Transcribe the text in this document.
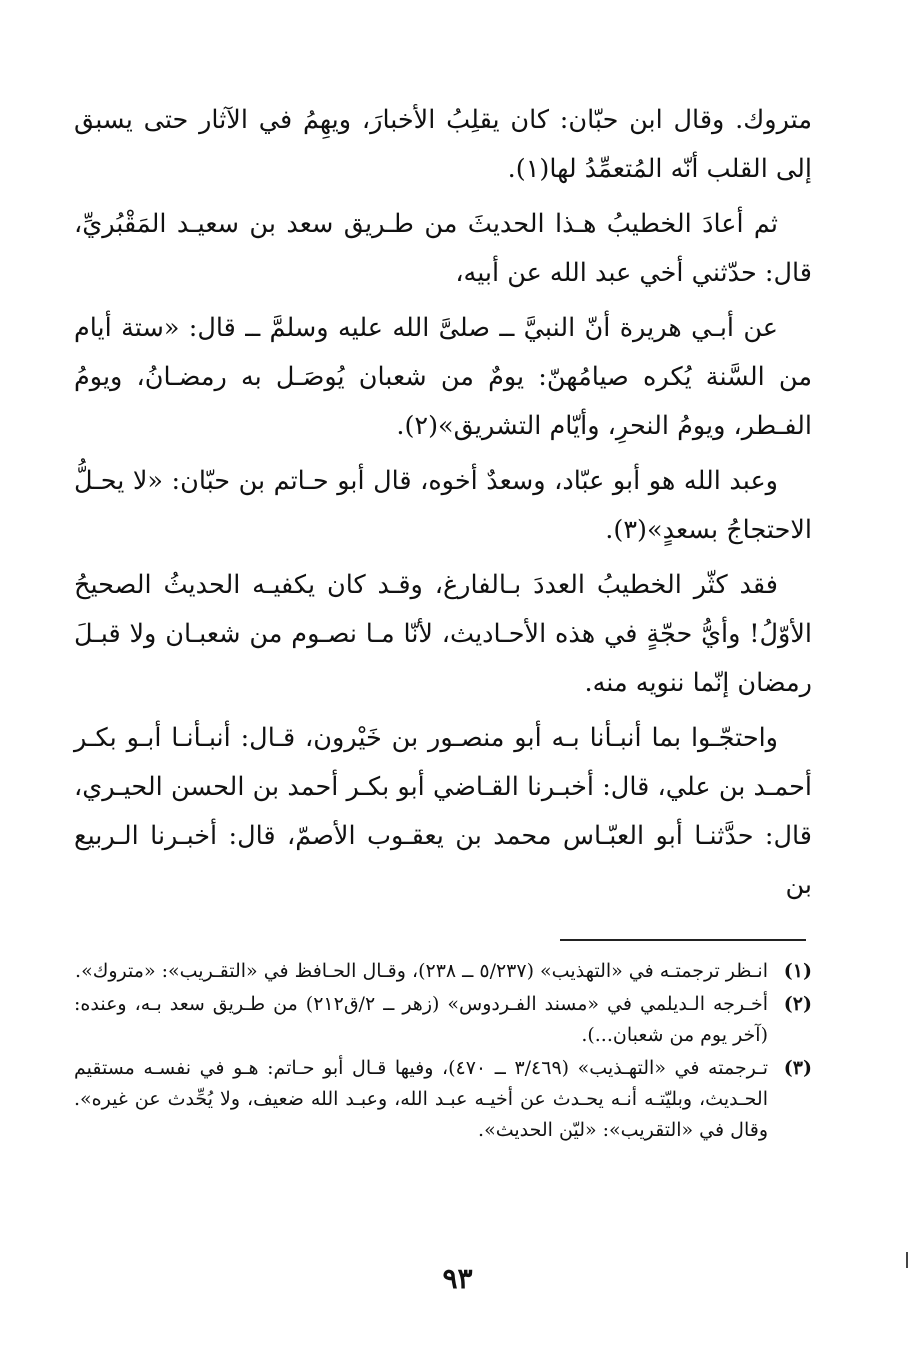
متروك. وقال ابن حبّان: كان يقلِبُ الأخبارَ، ويهِمُ في الآثار حتى يسبق إلى القلب أنّه المُتعمِّدُ لها(١).

ثم أعادَ الخطيبُ هـذا الحديثَ من طـريق سعد بن سعيـد المَقْبُريِّ، قال: حدّثني أخي عبد الله عن أبيه،

عن أبـي هريرة أنّ النبيَّ ــ صلىَّ الله عليه وسلمَّ ــ قال: «ستة أيام من السَّنة يُكره صيامُهنّ: يومٌ من شعبان يُوصَـل به رمضـانُ، ويومُ الفـطر، ويومُ النحرِ، وأيّام التشريق»(٢).

وعبد الله هو أبو عبّاد، وسعدٌ أخوه، قال أبو حـاتم بن حبّان: «لا يحـلُّ الاحتجاجُ بسعدٍ»(٣).

فقد كثّر الخطيبُ العددَ بـالفارغ، وقـد كان يكفيـه الحديثُ الصحيحُ الأوّلُ! وأيُّ حجّةٍ في هذه الأحـاديث، لأنّا مـا نصـوم من شعبـان ولا قبـلَ رمضان إنّما ننويه منه.

واحتجّـوا بما أنبـأنا بـه أبو منصـور بن خَيْرون، قـال: أنبـأنـا أبـو بكـر أحمـد بن علي، قال: أخبـرنا القـاضي أبو بكـر أحمد بن الحسن الحيـري، قال: حدَّثنـا أبو العبّـاس محمد بن يعقـوب الأصمّ، قال: أخبـرنا الـربيع بن

(١)
انـظر ترجمتـه في «التهذيب» (٥/٢٣٧ ــ ٢٣٨)، وقـال الحـافظ في «التقـريب»: «متروك».
(٢)
أخـرجه الـديلمي في «مسند الفـردوس» (زهر ــ ٢/ق٢١٢) من طـريق سعد بـه، وعنده: (آخر يوم من شعبان...).
(٣)
تـرجمته في «التهـذيب» (٣/٤٦٩ ــ ٤٧٠)، وفيها قـال أبو حـاتم: هـو في نفسـه مستقيم الحـديث، وبليّتـه أنـه يحـدث عن أخيـه عبـد الله، وعبـد الله ضعيف، ولا يُحِّدث عن غيره». وقال في «التقريب»: «ليّن الحديث».
٩٣
